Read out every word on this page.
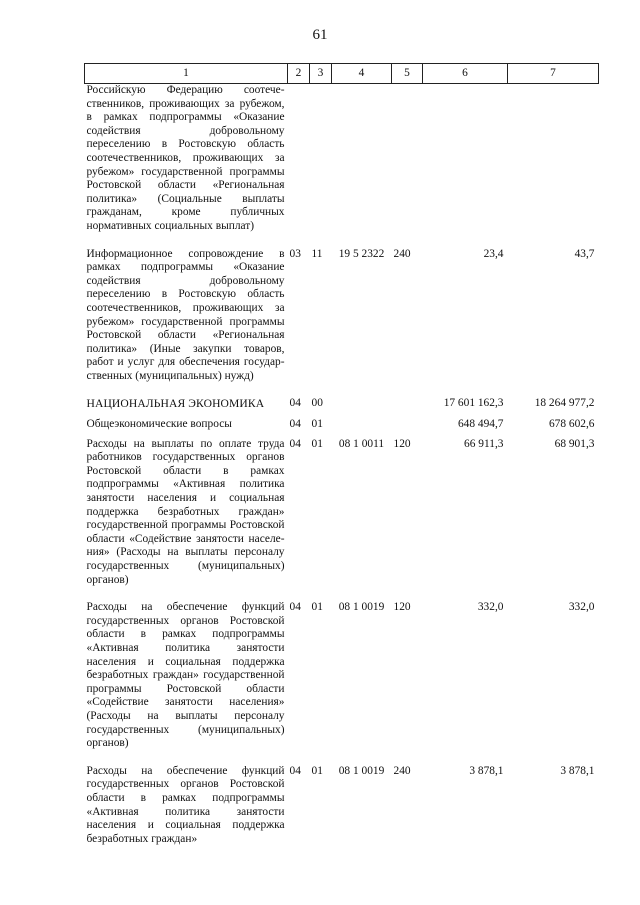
61
1	2	3	4	5	6	7
Российскую Федерацию соотечественников, проживающих за рубежом, в рамках подпрограммы «Оказание содействия добровольному переселению в Ростовскую область соотечественников, проживающих за рубежом» государственной программы Ростовской области «Региональная политика» (Социальные выплаты гражданам, кроме публичных нормативных социальных выплат)						
Информационное сопровождение в рамках подпрограммы «Оказание содействия добровольному переселению в Ростовскую область соотечественников, проживающих за рубежом» государственной программы Ростовской области «Региональная политика» (Иные закупки товаров, работ и услуг для обеспечения государственных (муниципальных) нужд)	03	11	19 5 2322	240	23,4	43,7
НАЦИОНАЛЬНАЯ ЭКОНОМИКА	04	00			17 601 162,3	18 264 977,2
Общеэкономические вопросы	04	01			648 494,7	678 602,6
Расходы на выплаты по оплате труда работников государственных органов Ростовской области в рамках подпрограммы «Активная политика занятости населения и социальная поддержка безработных граждан» государственной программы Ростовской области «Содействие занятости населения» (Расходы на выплаты персоналу государственных (муниципальных) органов)	04	01	08 1 0011	120	66 911,3	68 901,3
Расходы на обеспечение функций государственных органов Ростовской области в рамках подпрограммы «Активная политика занятости населения и социальная поддержка безработных граждан» государственной программы Ростовской области «Содействие занятости населения» (Расходы на выплаты персоналу государственных (муниципальных) органов)	04	01	08 1 0019	120	332,0	332,0
Расходы на обеспечение функций государственных органов Ростовской области в рамках подпрограммы «Активная политика занятости населения и социальная поддержка безработных граждан»	04	01	08 1 0019	240	3 878,1	3 878,1
